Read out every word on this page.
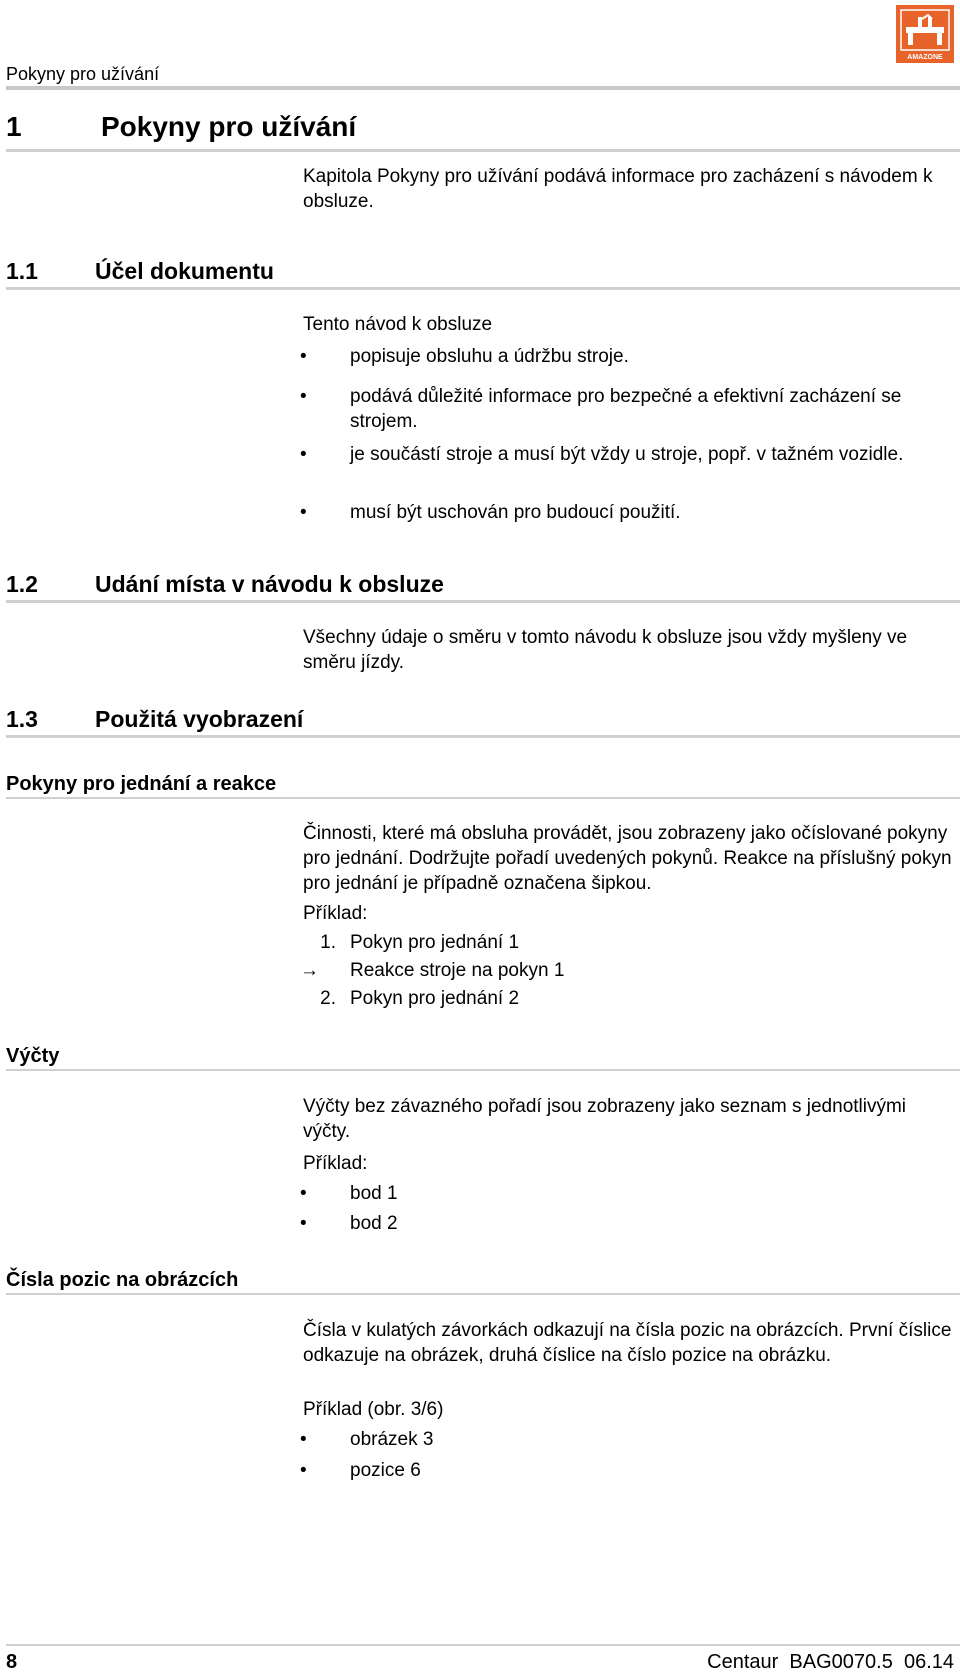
Pokyny pro užívání
AMAZONE
1	Pokyny pro užívání
Kapitola Pokyny pro užívání podává informace pro zacházení s návodem k obsluze.
1.1 Účel dokumentu
Tento návod k obsluze
• popisuje obsluhu a údržbu stroje.
• podává důležité informace pro bezpečné a efektivní zacházení se strojem.
• je součástí stroje a musí být vždy u stroje, popř. v tažném vozidle.
• musí být uschován pro budoucí použití.
1.2 Udání místa v návodu k obsluze
Všechny údaje o směru v tomto návodu k obsluze jsou vždy myšleny ve směru jízdy.
1.3 Použitá vyobrazení
Pokyny pro jednání a reakce
Činnosti, které má obsluha provádět, jsou zobrazeny jako očíslované pokyny pro jednání. Dodržujte pořadí uvedených pokynů. Reakce na příslušný pokyn pro jednání je případně označena šipkou.
Příklad:
1. Pokyn pro jednání 1
→	Reakce stroje na pokyn 1
2. Pokyn pro jednání 2
Výčty
Výčty bez závazného pořadí jsou zobrazeny jako seznam s jednotlivými výčty.
Příklad:
• bod 1
• bod 2
Čísla pozic na obrázcích
Čísla v kulatých závorkách odkazují na čísla pozic na obrázcích. První číslice odkazuje na obrázek, druhá číslice na číslo pozice na obrázku.
Příklad (obr. 3/6)
• obrázek 3
• pozice 6
8	Centaur BAG0070.5  06.14
